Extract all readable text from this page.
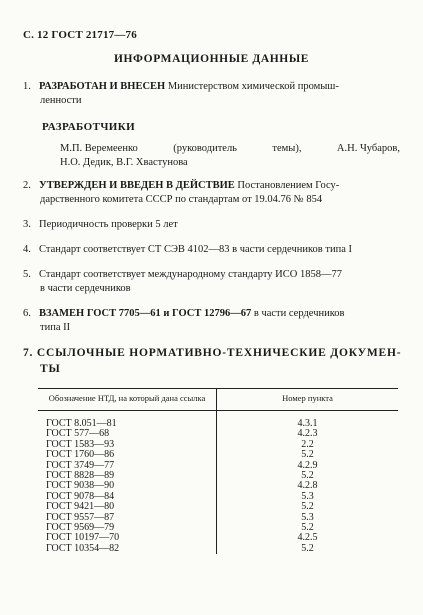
С. 12 ГОСТ 21717—76
ИНФОРМАЦИОННЫЕ ДАННЫЕ
1. РАЗРАБОТАН И ВНЕСЕН Министерством химической промыш-
ленности
РАЗРАБОТЧИКИ
М.П. Веремеенко	(руководитель	темы),	А.Н. Чубаров,
Н.О. Дедик, В.Г. Хвастунова
2. УТВЕРЖДЕН И ВВЕДЕН В ДЕЙСТВИЕ Постановлением Госу-
дарственного комитета СССР по стандартам от 19.04.76 № 854
3. Периодичность проверки 5 лет
4. Стандарт соответствует СТ СЭВ 4102—83 в части сердечников типа I
5. Стандарт соответствует международному стандарту ИСО 1858—77
в части сердечников
6. ВЗАМЕН ГОСТ 7705—61 и ГОСТ 12796—67 в части сердечников
типа II
7. ССЫЛОЧНЫЕ НОРМАТИВНО-ТЕХНИЧЕСКИЕ ДОКУМЕН-
ТЫ
Обозначение НТД, на который дана ссылка	Номер пункта
ГОСТ 8.051—81	4.3.1
ГОСТ 577—68	4.2.3
ГОСТ 1583—93	2.2
ГОСТ 1760—86	5.2
ГОСТ 3749—77	4.2.9
ГОСТ 8828—89	5.2
ГОСТ 9038—90	4.2.8
ГОСТ 9078—84	5.3
ГОСТ 9421—80	5.2
ГОСТ 9557—87	5.3
ГОСТ 9569—79	5.2
ГОСТ 10197—70	4.2.5
ГОСТ 10354—82	5.2
